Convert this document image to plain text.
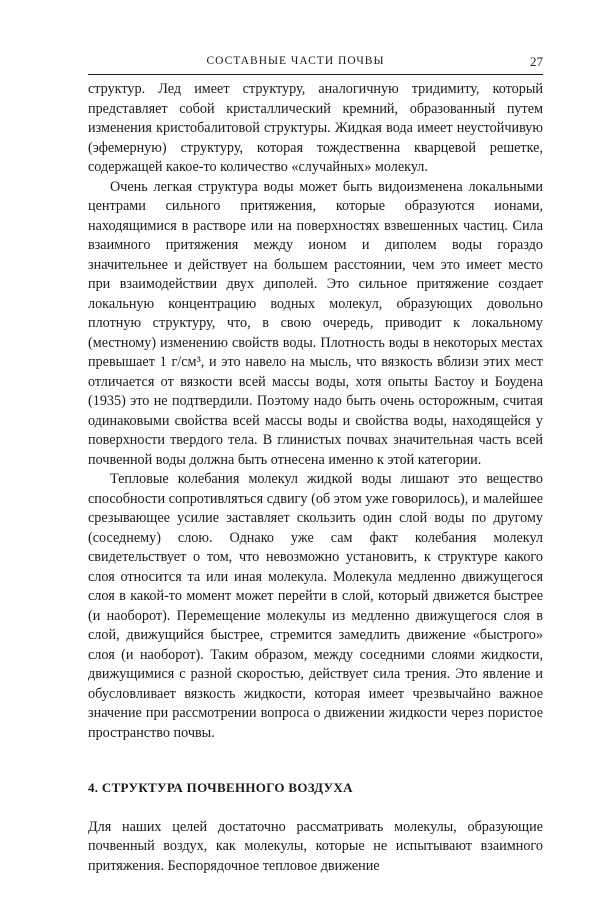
СОСТАВНЫЕ ЧАСТИ ПОЧВЫ	27

структур. Лед имеет структуру, аналогичную тридимиту, который представляет собой кристаллический кремний, образованный путем изменения кристобалитовой структуры. Жидкая вода имеет неустойчивую (эфемерную) структуру, которая тождественна кварцевой решетке, содержащей какое-то количество «случайных» молекул.

Очень легкая структура воды может быть видоизменена локальными центрами сильного притяжения, которые образуются ионами, находящимися в растворе или на поверхностях взвешенных частиц. Сила взаимного притяжения между ионом и диполем воды гораздо значительнее и действует на большем расстоянии, чем это имеет место при взаимодействии двух диполей. Это сильное притяжение создает локальную концентрацию водных молекул, образующих довольно плотную структуру, что, в свою очередь, приводит к локальному (местному) изменению свойств воды. Плотность воды в некоторых местах превышает 1 г/см³, и это навело на мысль, что вязкость вблизи этих мест отличается от вязкости всей массы воды, хотя опыты Бастоу и Боудена (1935) это не подтвердили. Поэтому надо быть очень осторожным, считая одинаковыми свойства всей массы воды и свойства воды, находящейся у поверхности твердого тела. В глинистых почвах значительная часть всей почвенной воды должна быть отнесена именно к этой категории.

Тепловые колебания молекул жидкой воды лишают это вещество способности сопротивляться сдвигу (об этом уже говорилось), и малейшее срезывающее усилие заставляет скользить один слой воды по другому (соседнему) слою. Однако уже сам факт колебания молекул свидетельствует о том, что невозможно установить, к структуре какого слоя относится та или иная молекула. Молекула медленно движущегося слоя в какой-то момент может перейти в слой, который движется быстрее (и наоборот). Перемещение молекулы из медленно движущегося слоя в слой, движущийся быстрее, стремится замедлить движение «быстрого» слоя (и наоборот). Таким образом, между соседними слоями жидкости, движущимися с разной скоростью, действует сила трения. Это явление и обусловливает вязкость жидкости, которая имеет чрезвычайно важное значение при рассмотрении вопроса о движении жидкости через пористое пространство почвы.

4. СТРУКТУРА ПОЧВЕННОГО ВОЗДУХА

Для наших целей достаточно рассматривать молекулы, образующие почвенный воздух, как молекулы, которые не испытывают взаимного притяжения. Беспорядочное тепловое движение
